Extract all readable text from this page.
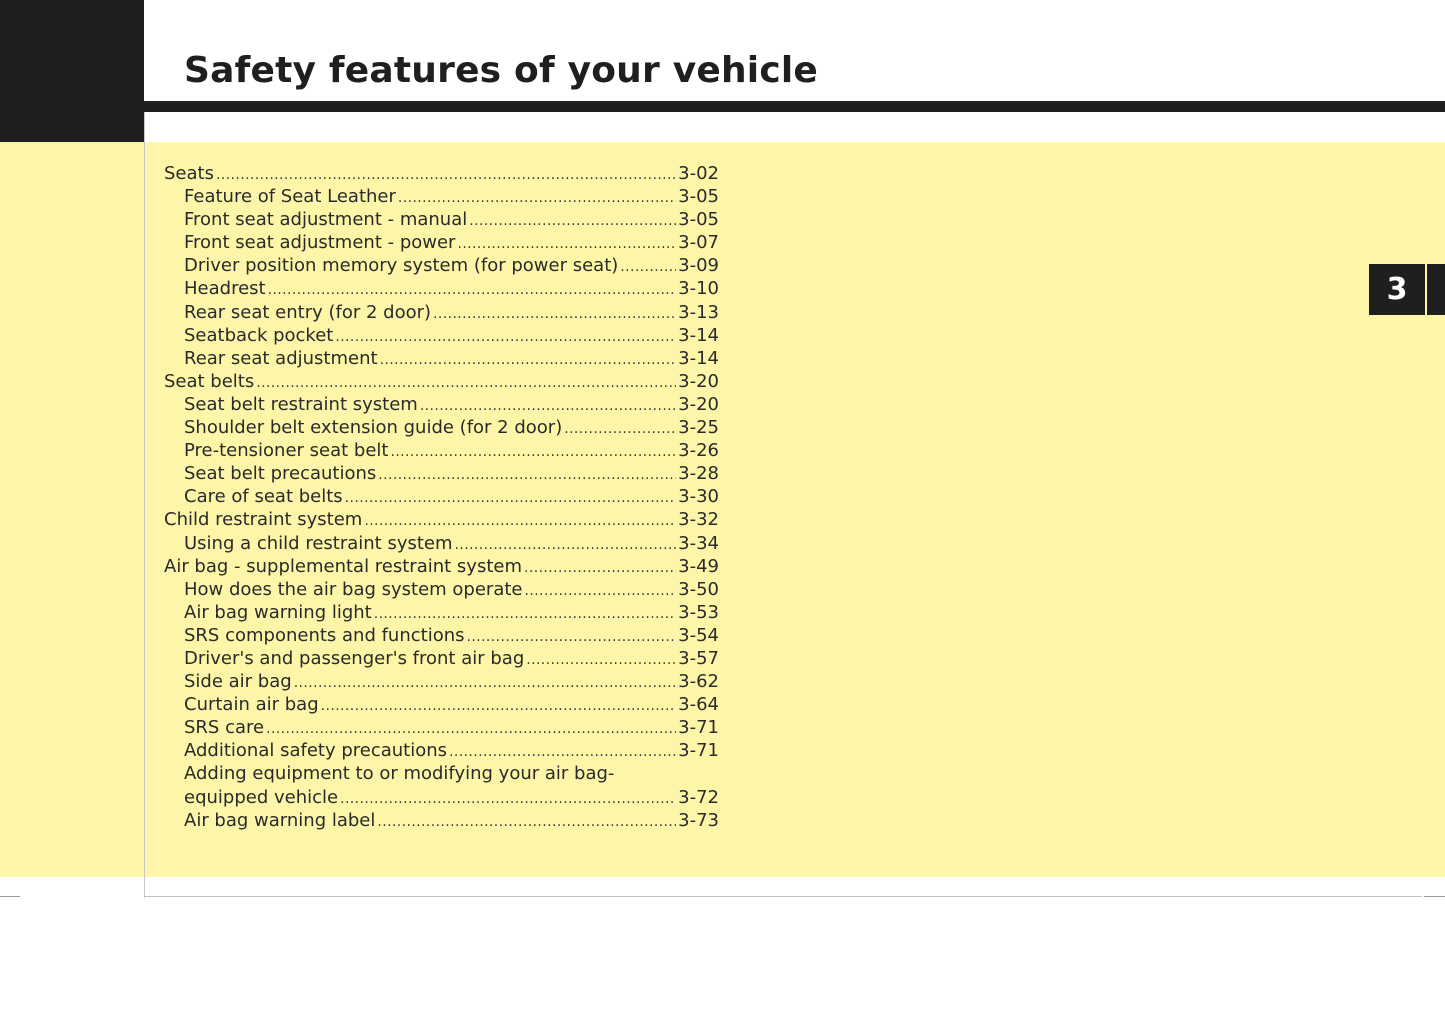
Safety features of your vehicle
3
Seats .....	3-02
Feature of Seat Leather .....	3-05
Front seat adjustment - manual .....	3-05
Front seat adjustment - power .....	3-07
Driver position memory system (for power seat) .....	3-09
Headrest .....	3-10
Rear seat entry (for 2 door) .....	3-13
Seatback pocket .....	3-14
Rear seat adjustment .....	3-14
Seat belts .....	3-20
Seat belt restraint system .....	3-20
Shoulder belt extension guide (for 2 door) .....	3-25
Pre-tensioner seat belt .....	3-26
Seat belt precautions .....	3-28
Care of seat belts .....	3-30
Child restraint system .....	3-32
Using a child restraint system .....	3-34
Air bag - supplemental restraint system .....	3-49
How does the air bag system operate .....	3-50
Air bag warning light .....	3-53
SRS components and functions .....	3-54
Driver's and passenger's front air bag .....	3-57
Side air bag .....	3-62
Curtain air bag .....	3-64
SRS care .....	3-71
Additional safety precautions .....	3-71
Adding equipment to or modifying your air bag-
equipped vehicle .....	3-72
Air bag warning label .....	3-73
